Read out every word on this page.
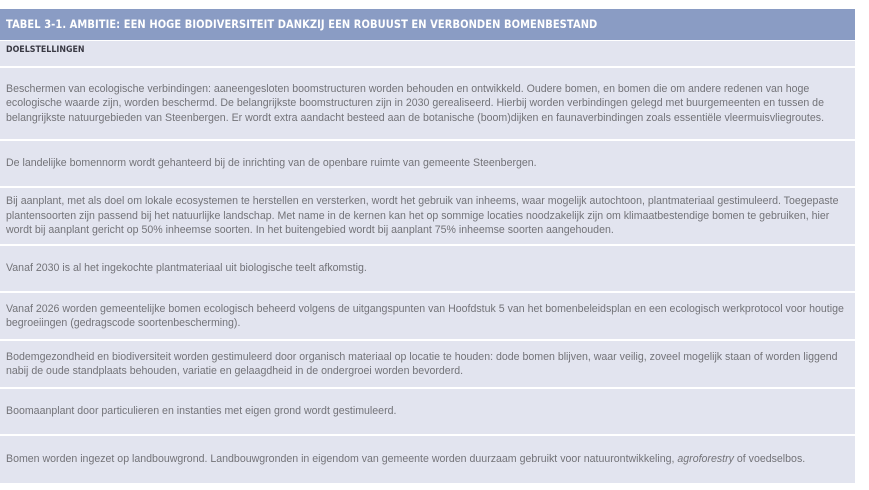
TABEL 3-1. AMBITIE: EEN HOGE BIODIVERSITEIT DANKZIJ EEN ROBUUST EN VERBONDEN BOMENBESTAND
DOELSTELLINGEN
Beschermen van ecologische verbindingen: aaneengesloten boomstructuren worden behouden en ontwikkeld. Oudere bomen, en bomen die om andere redenen van hoge ecologische waarde zijn, worden beschermd. De belangrijkste boomstructuren zijn in 2030 gerealiseerd. Hierbij worden verbindingen gelegd met buurgemeenten en tussen de belangrijkste natuurgebieden van Steenbergen. Er wordt extra aandacht besteed aan de botanische (boom)dijken en faunaverbindingen zoals essentiële vleermuisvliegroutes.
De landelijke bomennorm wordt gehanteerd bij de inrichting van de openbare ruimte van gemeente Steenbergen.
Bij aanplant, met als doel om lokale ecosystemen te herstellen en versterken, wordt het gebruik van inheems, waar mogelijk autochtoon, plantmateriaal gestimuleerd. Toegepaste plantensoorten zijn passend bij het natuurlijke landschap. Met name in de kernen kan het op sommige locaties noodzakelijk zijn om klimaatbestendige bomen te gebruiken, hier wordt bij aanplant gericht op 50% inheemse soorten. In het buitengebied wordt bij aanplant 75% inheemse soorten aangehouden.
Vanaf 2030 is al het ingekochte plantmateriaal uit biologische teelt afkomstig.
Vanaf 2026 worden gemeentelijke bomen ecologisch beheerd volgens de uitgangspunten van Hoofdstuk 5 van het bomenbeleidsplan en een ecologisch werkprotocol voor houtige begroeiingen (gedragscode soortenbescherming).
Bodemgezondheid en biodiversiteit worden gestimuleerd door organisch materiaal op locatie te houden: dode bomen blijven, waar veilig, zoveel mogelijk staan of worden liggend nabij de oude standplaats behouden, variatie en gelaagdheid in de ondergroei worden bevorderd.
Boomaanplant door particulieren en instanties met eigen grond wordt gestimuleerd.
Bomen worden ingezet op landbouwgrond. Landbouwgronden in eigendom van gemeente worden duurzaam gebruikt voor natuurontwikkeling, agroforestry of voedselbos.
